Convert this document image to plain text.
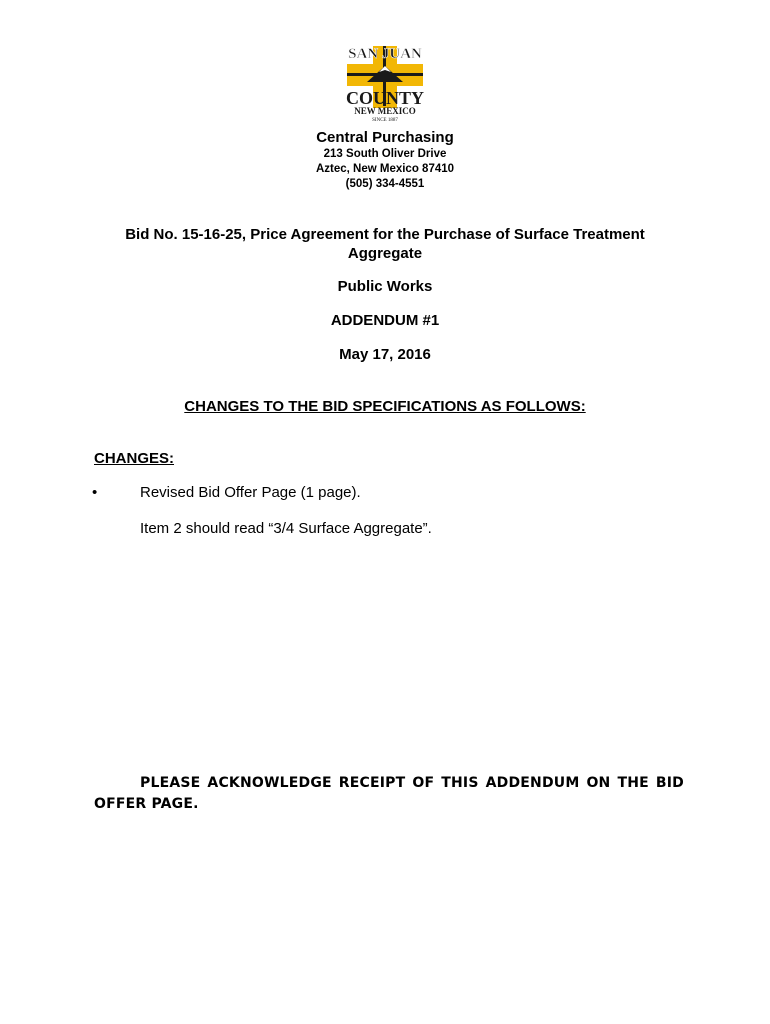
SAN JUAN
COUNTY
NEW MEXICO
SINCE 1887
Central Purchasing
213 South Oliver Drive
Aztec, New Mexico 87410
(505) 334-4551
Bid No. 15-16-25, Price Agreement for the Purchase of Surface Treatment Aggregate
Public Works
ADDENDUM #1
May 17, 2016
CHANGES TO THE BID SPECIFICATIONS AS FOLLOWS:
CHANGES:
•	Revised Bid Offer Page (1 page).
Item 2 should read “3/4 Surface Aggregate”.
PLEASE ACKNOWLEDGE RECEIPT OF THIS ADDENDUM ON THE BID OFFER PAGE.
